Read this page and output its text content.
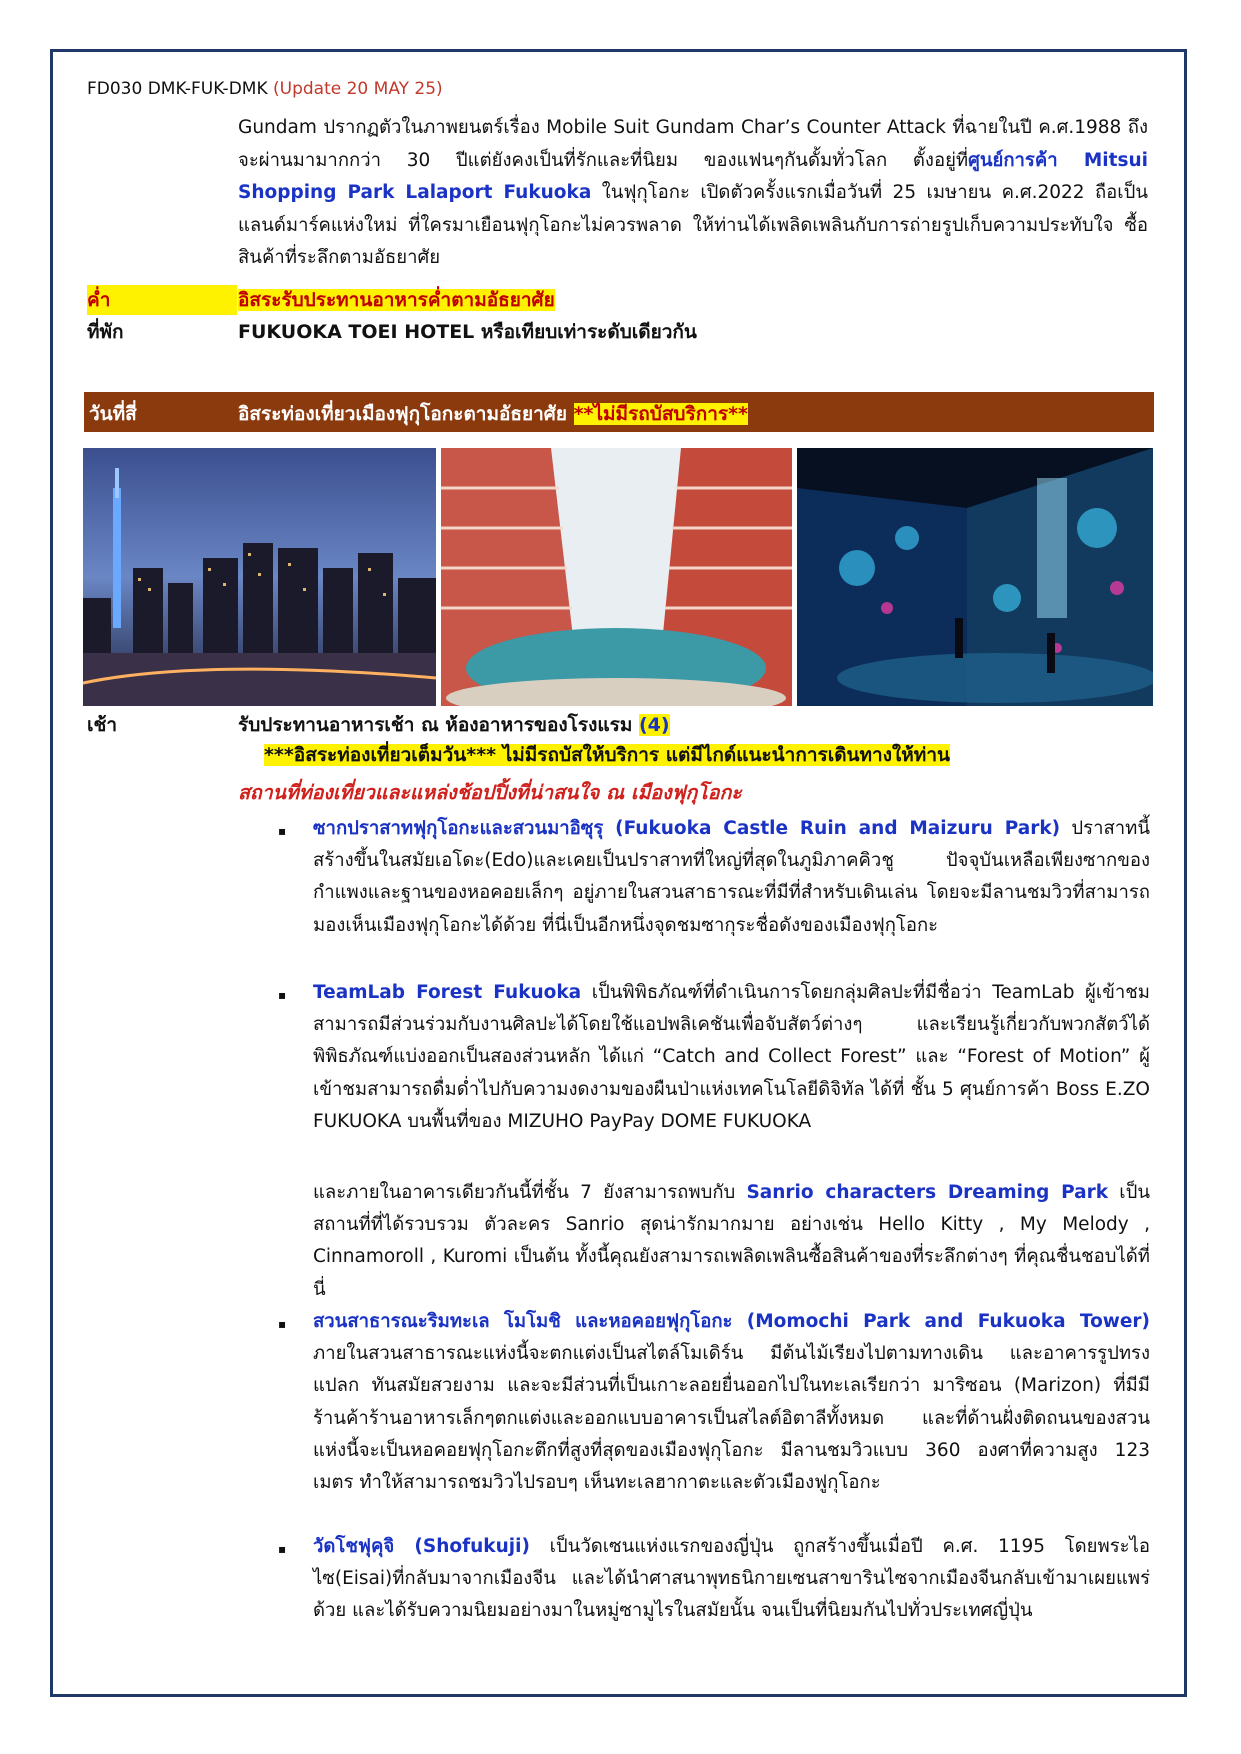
FD030 DMK-FUK-DMK (Update 20 MAY 25)
Gundam ปรากฏตัวในภาพยนตร์เรื่อง Mobile Suit Gundam Char’s Counter Attack ที่ฉายในปี ค.ศ.1988 ถึงจะผ่านมามากกว่า 30 ปีแต่ยังคงเป็นที่รักและที่นิยม ของแฟนๆกันดั้มทั่วโลก ตั้งอยู่ที่ศูนย์การค้า Mitsui Shopping Park Lalaport Fukuoka ในฟุกุโอกะ เปิดตัวครั้งแรกเมื่อวันที่ 25 เมษายน ค.ศ.2022 ถือเป็นแลนด์มาร์คแห่งใหม่ ที่ใครมาเยือนฟุกุโอกะไม่ควรพลาด ให้ท่านได้เพลิดเพลินกับการถ่ายรูปเก็บความประทับใจ ซื้อสินค้าที่ระลึกตามอัธยาศัย
ค่ำ	อิสระรับประทานอาหารค่ำตามอัธยาศัย
ที่พัก	FUKUOKA TOEI HOTEL หรือเทียบเท่าระดับเดียวกัน
วันที่สี่	อิสระท่องเที่ยวเมืองฟุกุโอกะตามอัธยาศัย **ไม่มีรถบัสบริการ**
เช้า	รับประทานอาหารเช้า ณ ห้องอาหารของโรงแรม (4)
***อิสระท่องเที่ยวเต็มวัน*** ไม่มีรถบัสให้บริการ แต่มีไกด์แนะนำการเดินทางให้ท่าน
สถานที่ท่องเที่ยวและแหล่งช้อปปิ้งที่น่าสนใจ ณ เมืองฟุกุโอกะ
▪ ซากปราสาทฟุกุโอกะและสวนมาอิซุรุ (Fukuoka Castle Ruin and Maizuru Park) ปราสาทนี้สร้างขึ้นในสมัยเอโดะ(Edo)และเคยเป็นปราสาทที่ใหญ่ที่สุดในภูมิภาคคิวชู ปัจจุบันเหลือเพียงซากของกำแพงและฐานของหอคอยเล็กๆ อยู่ภายในสวนสาธารณะที่มีที่สำหรับเดินเล่น โดยจะมีลานชมวิวที่สามารถมองเห็นเมืองฟุกุโอกะได้ด้วย ที่นี่เป็นอีกหนึ่งจุดชมซากุระชื่อดังของเมืองฟุกุโอกะ
▪ TeamLab Forest Fukuoka เป็นพิพิธภัณฑ์ที่ดำเนินการโดยกลุ่มศิลปะที่มีชื่อว่า TeamLab ผู้เข้าชมสามารถมีส่วนร่วมกับงานศิลปะได้โดยใช้แอปพลิเคชันเพื่อจับสัตว์ต่างๆ และเรียนรู้เกี่ยวกับพวกสัตว์ได้ พิพิธภัณฑ์แบ่งออกเป็นสองส่วนหลัก ได้แก่ “Catch and Collect Forest” และ “Forest of Motion” ผู้เข้าชมสามารถดื่มด่ำไปกับความงดงามของผืนป่าแห่งเทคโนโลยีดิจิทัล ได้ที่ ชั้น 5 ศุนย์การค้า Boss E.ZO FUKUOKA บนพื้นที่ของ MIZUHO PayPay DOME FUKUOKA
และภายในอาคารเดียวกันนี้ที่ชั้น 7 ยังสามารถพบกับ Sanrio characters Dreaming Park เป็นสถานที่ที่ได้รวบรวม ตัวละคร Sanrio สุดน่ารักมากมาย อย่างเช่น Hello Kitty , My Melody , Cinnamoroll , Kuromi เป็นต้น ทั้งนี้คุณยังสามารถเพลิดเพลินซื้อสินค้าของที่ระลึกต่างๆ ที่คุณชื่นชอบได้ที่นี่
▪ สวนสาธารณะริมทะเล โมโมชิ และหอคอยฟุกุโอกะ (Momochi Park and Fukuoka Tower) ภายในสวนสาธารณะแห่งนี้จะตกแต่งเป็นสไตล์โมเดิร์น มีต้นไม้เรียงไปตามทางเดิน และอาคารรูปทรงแปลก ทันสมัยสวยงาม และจะมีส่วนที่เป็นเกาะลอยยื่นออกไปในทะเลเรียกว่า มาริซอน (Marizon) ที่มีมีร้านค้าร้านอาหารเล็กๆตกแต่งและออกแบบอาคารเป็นสไลต์อิตาลีทั้งหมด และที่ด้านฝั่งติดถนนของสวนแห่งนี้จะเป็นหอคอยฟุกุโอกะตึกที่สูงที่สุดของเมืองฟุกุโอกะ มีลานชมวิวแบบ 360 องศาที่ความสูง 123 เมตร ทำให้สามารถชมวิวไปรอบๆ เห็นทะเลฮากาตะและตัวเมืองฟูกุโอกะ
▪ วัดโชฟุคุจิ (Shofukuji) เป็นวัดเซนแห่งแรกของญี่ปุ่น ถูกสร้างขึ้นเมื่อปี ค.ศ. 1195 โดยพระไอไซ(Eisai)ที่กลับมาจากเมืองจีน และได้นำศาสนาพุทธนิกายเซนสาขารินไซจากเมืองจีนกลับเข้ามาเผยแพร่ด้วย และได้รับความนิยมอย่างมาในหมู่ซามูไรในสมัยนั้น จนเป็นที่นิยมกันไปทั่วประเทศญี่ปุ่น
